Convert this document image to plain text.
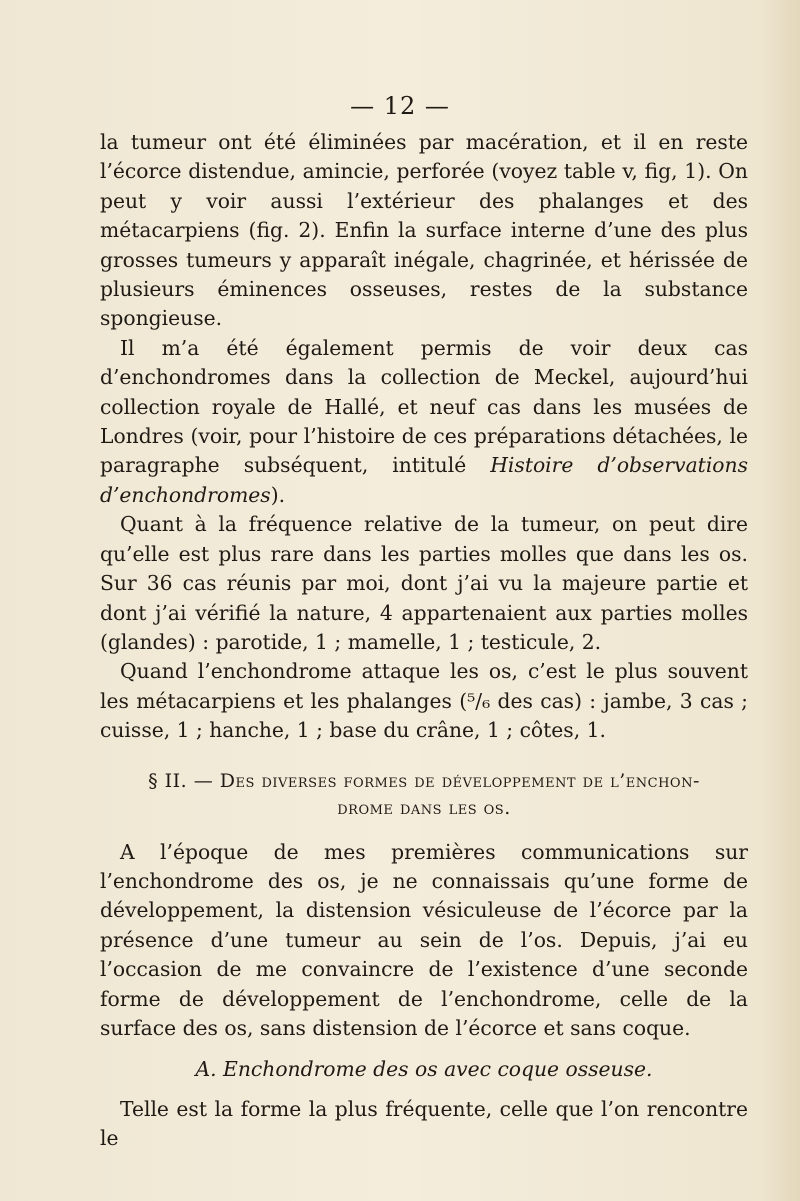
— 12 —

la tumeur ont été éliminées par macération, et il en reste l’écorce distendue, amincie, perforée (voyez table v, fig, 1). On peut y voir aussi l’extérieur des phalanges et des métacarpiens (fig. 2). Enfin la surface interne d’une des plus grosses tumeurs y apparaît inégale, chagrinée, et hérissée de plusieurs éminences osseuses, restes de la substance spongieuse.

Il m’a été également permis de voir deux cas d’enchondromes dans la collection de Meckel, aujourd’hui collection royale de Hallé, et neuf cas dans les musées de Londres (voir, pour l’histoire de ces préparations détachées, le paragraphe subséquent, intitulé Histoire d’observations d’enchondromes).

Quant à la fréquence relative de la tumeur, on peut dire qu’elle est plus rare dans les parties molles que dans les os. Sur 36 cas réunis par moi, dont j’ai vu la majeure partie et dont j’ai vérifié la nature, 4 appartenaient aux parties molles (glandes) : parotide, 1 ; mamelle, 1 ; testicule, 2.

Quand l’enchondrome attaque les os, c’est le plus souvent les métacarpiens et les phalanges (⁵/₆ des cas) : jambe, 3 cas ; cuisse, 1 ; hanche, 1 ; base du crâne, 1 ; côtes, 1.

§ II. — Des diverses formes de développement de l’enchon-
drome dans les os.

A l’époque de mes premières communications sur l’enchondrome des os, je ne connaissais qu’une forme de développement, la distension vésiculeuse de l’écorce par la présence d’une tumeur au sein de l’os. Depuis, j’ai eu l’occasion de me convaincre de l’existence d’une seconde forme de développement de l’enchondrome, celle de la surface des os, sans distension de l’écorce et sans coque.

A. Enchondrome des os avec coque osseuse.

Telle est la forme la plus fréquente, celle que l’on rencontre le
